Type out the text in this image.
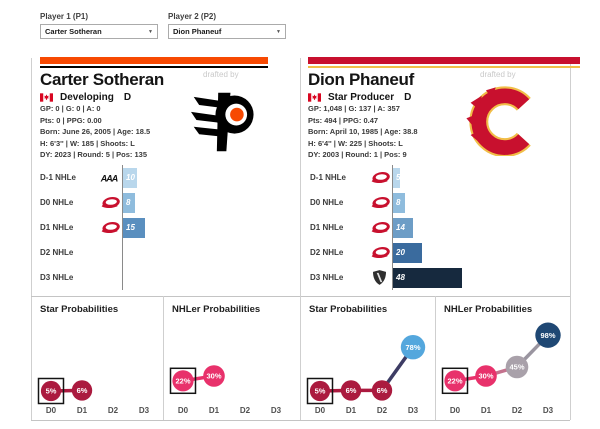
Player 1 (P1)
Carter Sotheran	▼
Player 2 (P2)
Dion Phaneuf	▼
drafted by
Carter Sotheran
Developing D
GP: 0 | G: 0 | A: 0
Pts: 0 | PPG: 0.00
Born: June 26, 2005 | Age: 18.5
H: 6'3'' | W: 185 | Shoots: L
DY: 2023 | Round: 5 | Pos: 135
drafted by
Dion Phaneuf
Star Producer D
GP: 1,048 | G: 137 | A: 357
Pts: 494 | PPG: 0.47
Born: April 10, 1985 | Age: 38.8
H: 6'4'' | W: 225 | Shoots: L
DY: 2003 | Round: 1 | Pos: 9
D-1 NHLe	AAA	10
D0 NHLe	8
D1 NHLe	15
D2 NHLe
D3 NHLe
D-1 NHLe	5
D0 NHLe	8
D1 NHLe	14
D2 NHLe	20
D3 NHLe	48
Star Probabilities
5%	6%
D0	D1	D2	D3
NHLer Probabilities
22%
30%
D0	D1	D2	D3
Star Probabilities
5%	6%	6%
78%
D0	D1	D2	D3
NHLer Probabilities
22%
30%
45%
98%
D0	D1	D2	D3
